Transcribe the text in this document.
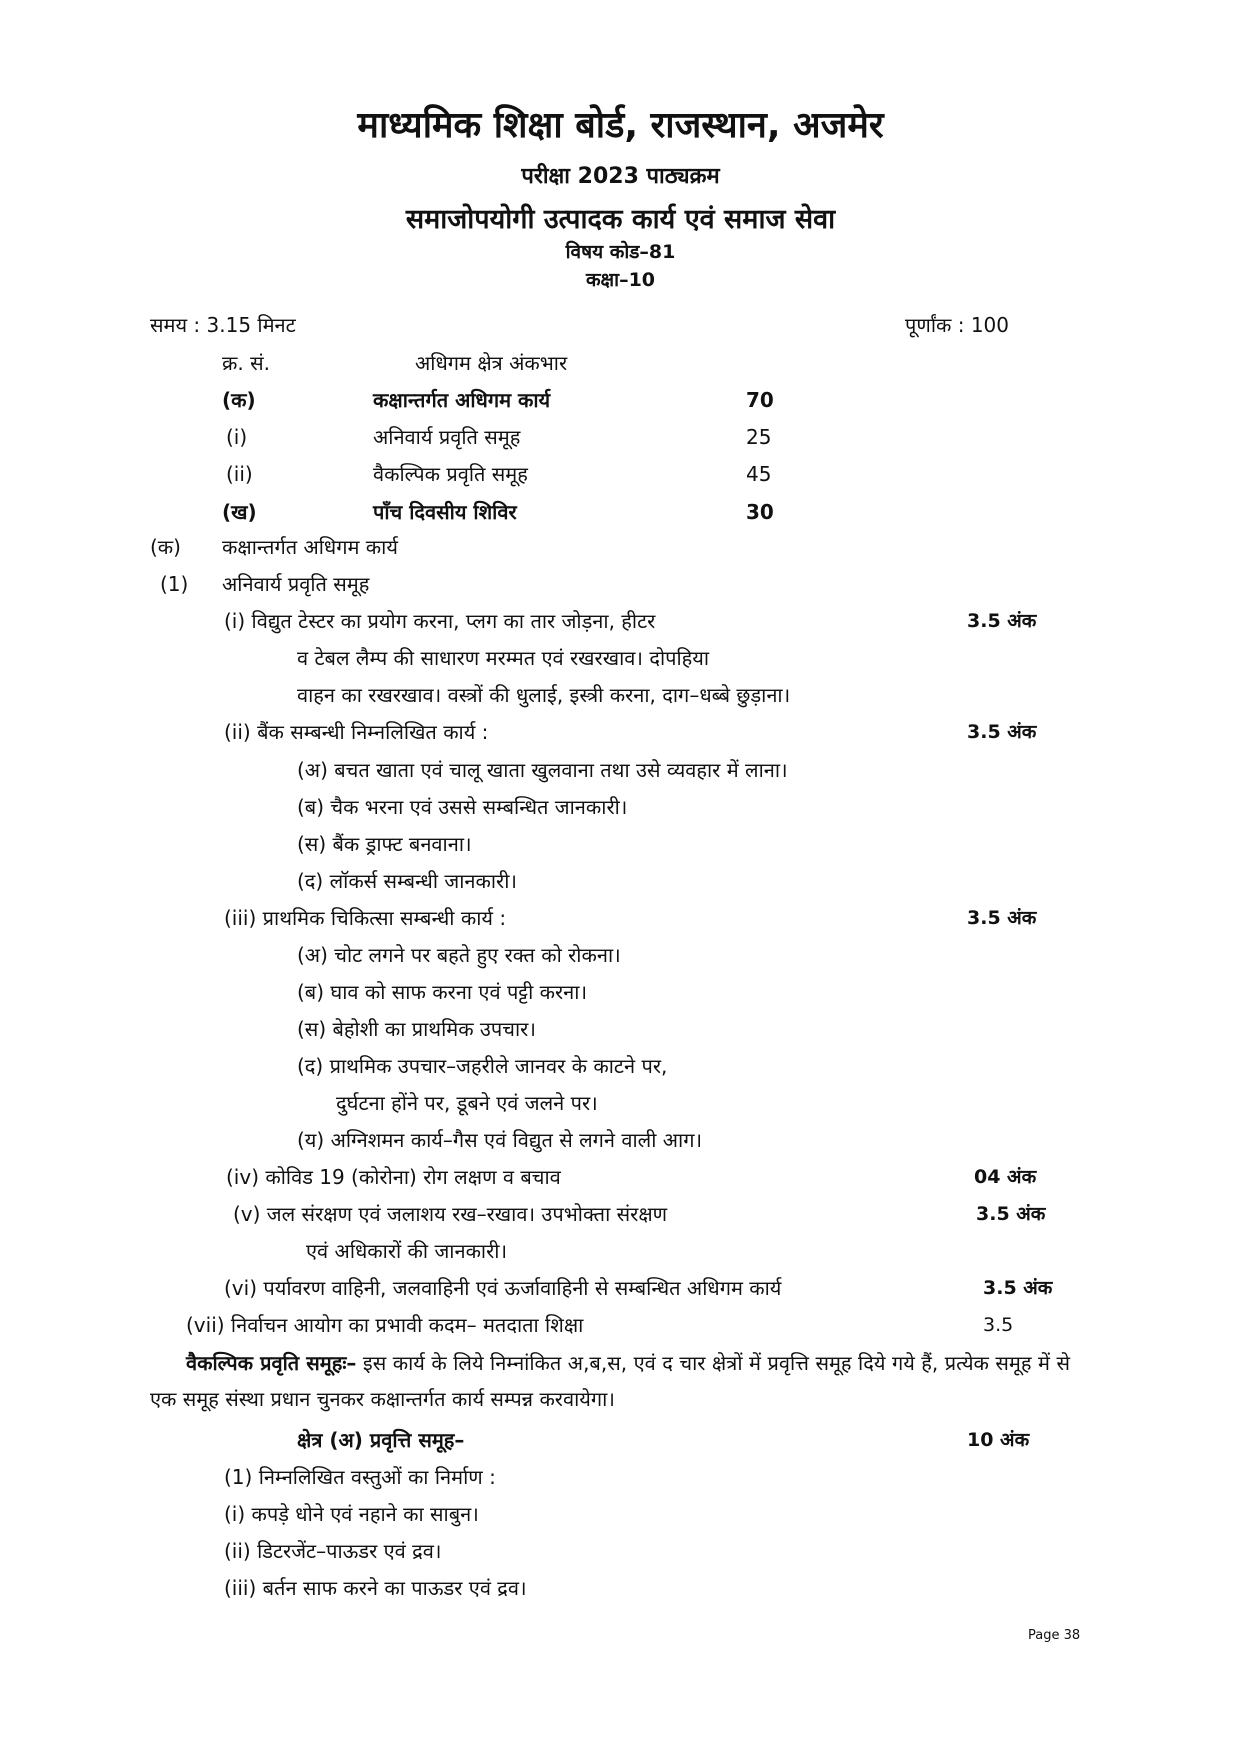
माध्यमिक शिक्षा बोर्ड, राजस्थान, अजमेर
परीक्षा 2023 पाठ्यक्रम
समाजोपयोगी उत्पादक कार्य एवं समाज सेवा
विषय कोड–81
कक्षा–10
समय : 3.15 मिनट	पूर्णांक : 100
क्र. सं.	अधिगम क्षेत्र अंकभार
(क)	कक्षान्तर्गत अधिगम कार्य	70
(i)	अनिवार्य प्रवृति समूह	25
(ii)	वैकल्पिक प्रवृति समूह	45
(ख)	पाँच दिवसीय शिविर	30
(क) कक्षान्तर्गत अधिगम कार्य
(1) अनिवार्य प्रवृति समूह
(i) विद्युत टेस्टर का प्रयोग करना, प्लग का तार जोड़ना, हीटर	3.5 अंक
व टेबल लैम्प की साधारण मरम्मत एवं रखरखाव। दोपहिया
वाहन का रखरखाव। वस्त्रों की धुलाई, इस्त्री करना, दाग–धब्बे छुड़ाना।
(ii) बैंक सम्बन्धी निम्नलिखित कार्य :	3.5 अंक
(अ) बचत खाता एवं चालू खाता खुलवाना तथा उसे व्यवहार में लाना।
(ब) चैक भरना एवं उससे सम्बन्धित जानकारी।
(स) बैंक ड्राफ्ट बनवाना।
(द) लॉकर्स सम्बन्धी जानकारी।
(iii) प्राथमिक चिकित्सा सम्बन्धी कार्य :	3.5 अंक
(अ) चोट लगने पर बहते हुए रक्त को रोकना।
(ब) घाव को साफ करना एवं पट्टी करना।
(स) बेहोशी का प्राथमिक उपचार।
(द) प्राथमिक उपचार–जहरीले जानवर के काटने पर,
दुर्घटना होंने पर, डूबने एवं जलने पर।
(य) अग्निशमन कार्य–गैस एवं विद्युत से लगने वाली आग।
(iv) कोविड 19 (कोरोना) रोग लक्षण व बचाव	04 अंक
(v) जल संरक्षण एवं जलाशय रख–रखाव। उपभोक्ता संरक्षण	3.5 अंक
एवं अधिकारों की जानकारी।
(vi) पर्यावरण वाहिनी, जलवाहिनी एवं ऊर्जावाहिनी से सम्बन्धित अधिगम कार्य	3.5 अंक
(vii) निर्वाचन आयोग का प्रभावी कदम– मतदाता शिक्षा	3.5
वैकल्पिक प्रवृति समूहः– इस कार्य के लिये निम्नांकित अ,ब,स, एवं द चार क्षेत्रों में प्रवृत्ति समूह दिये गये हैं, प्रत्येक समूह में से एक समूह संस्था प्रधान चुनकर कक्षान्तर्गत कार्य सम्पन्न करवायेगा।
क्षेत्र (अ) प्रवृत्ति समूह–	10 अंक
(1) निम्नलिखित वस्तुओं का निर्माण :
(i) कपड़े धोने एवं नहाने का साबुन।
(ii) डिटरजेंट–पाऊडर एवं द्रव।
(iii) बर्तन साफ करने का पाऊडर एवं द्रव।
Page 38
